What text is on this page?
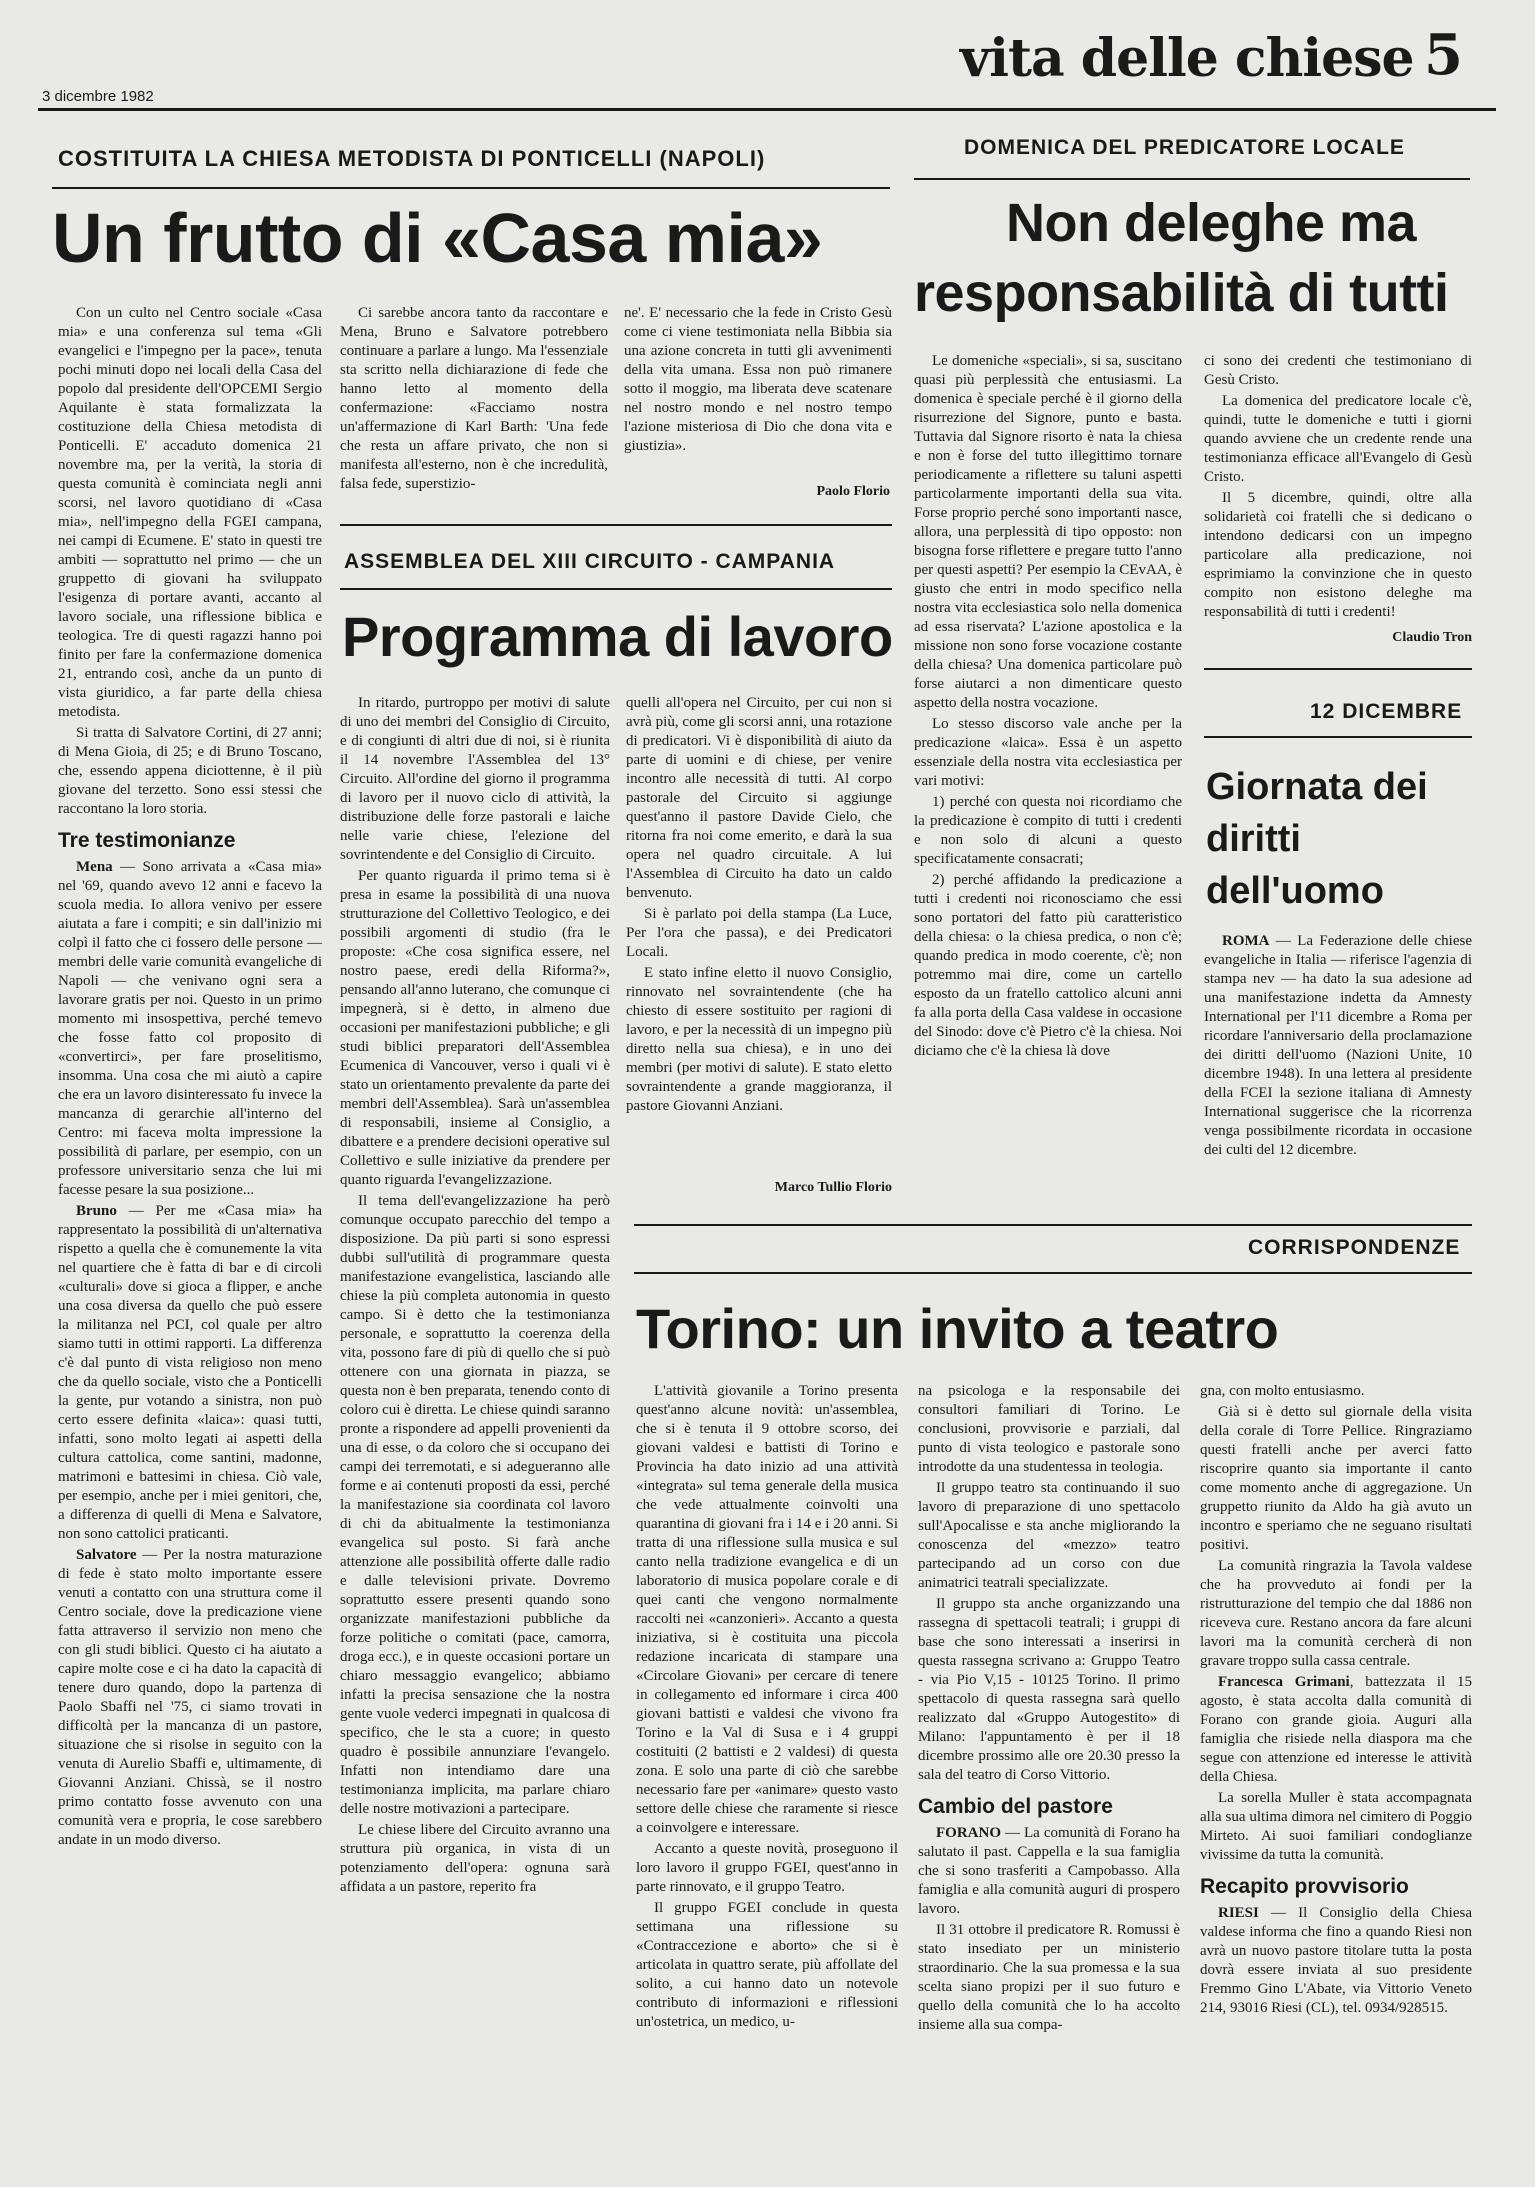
3 dicembre 1982
vita delle chiese 5
COSTITUITA LA CHIESA METODISTA DI PONTICELLI (NAPOLI)
Un frutto di «Casa mia»

Con un culto nel Centro sociale «Casa mia» e una conferenza sul tema «Gli evangelici e l'impegno per la pace», tenuta pochi minuti dopo nei locali della Casa del popolo dal presidente dell'OPCEMI Sergio Aquilante è stata formalizzata la costituzione della Chiesa metodista di Ponticelli. E' accaduto domenica 21 novembre ma, per la verità, la storia di questa comunità è cominciata negli anni scorsi, nel lavoro quotidiano di «Casa mia», nell'impegno della FGEI campana, nei campi di Ecumene. E' stato in questi tre ambiti — soprattutto nel primo — che un gruppetto di giovani ha sviluppato l'esigenza di portare avanti, accanto al lavoro sociale, una riflessione biblica e teologica. Tre di questi ragazzi hanno poi finito per fare la confermazione domenica 21, entrando così, anche da un punto di vista giuridico, a far parte della chiesa metodista.

Si tratta di Salvatore Cortini, di 27 anni; di Mena Gioia, di 25; e di Bruno Toscano, che, essendo appena diciottenne, è il più giovane del terzetto. Sono essi stessi che raccontano la loro storia.

Tre testimonianze

Mena — Sono arrivata a «Casa mia» nel '69, quando avevo 12 anni e facevo la scuola media. Io allora venivo per essere aiutata a fare i compiti; e sin dall'inizio mi colpì il fatto che ci fossero delle persone — membri delle varie comunità evangeliche di Napoli — che venivano ogni sera a lavorare gratis per noi. Questo in un primo momento mi insospettiva, perché temevo che fosse fatto col proposito di «convertirci», per fare proselitismo, insomma. Una cosa che mi aiutò a capire che era un lavoro disinteressato fu invece la mancanza di gerarchie all'interno del Centro: mi faceva molta impressione la possibilità di parlare, per esempio, con un professore universitario senza che lui mi facesse pesare la sua posizione...

Bruno — Per me «Casa mia» ha rappresentato la possibilità di un'alternativa rispetto a quella che è comunemente la vita nel quartiere che è fatta di bar e di circoli «culturali» dove si gioca a flipper, e anche una cosa diversa da quello che può essere la militanza nel PCI, col quale per altro siamo tutti in ottimi rapporti. La differenza c'è dal punto di vista religioso non meno che da quello sociale, visto che a Ponticelli la gente, pur votando a sinistra, non può certo essere definita «laica»: quasi tutti, infatti, sono molto legati ai aspetti della cultura cattolica, come santini, madonne, matrimoni e battesimi in chiesa. Ciò vale, per esempio, anche per i miei genitori, che, a differenza di quelli di Mena e Salvatore, non sono cattolici praticanti.

Salvatore — Per la nostra maturazione di fede è stato molto importante essere venuti a contatto con una struttura come il Centro sociale, dove la predicazione viene fatta attraverso il servizio non meno che con gli studi biblici. Questo ci ha aiutato a capire molte cose e ci ha dato la capacità di tenere duro quando, dopo la partenza di Paolo Sbaffi nel '75, ci siamo trovati in difficoltà per la mancanza di un pastore, situazione che si risolse in seguito con la venuta di Aurelio Sbaffi e, ultimamente, di Giovanni Anziani. Chissà, se il nostro primo contatto fosse avvenuto con una comunità vera e propria, le cose sarebbero andate in un modo diverso.

Ci sarebbe ancora tanto da raccontare e Mena, Bruno e Salvatore potrebbero continuare a parlare a lungo. Ma l'essenziale sta scritto nella dichiarazione di fede che hanno letto al momento della confermazione: «Facciamo nostra un'affermazione di Karl Barth: 'Una fede che resta un affare privato, che non si manifesta all'esterno, non è che incredulità, falsa fede, superstizio-

ne'. E' necessario che la fede in Cristo Gesù come ci viene testimoniata nella Bibbia sia una azione concreta in tutti gli avvenimenti della vita umana. Essa non può rimanere sotto il moggio, ma liberata deve scatenare nel nostro mondo e nel nostro tempo l'azione misteriosa di Dio che dona vita e giustizia».

Paolo Florio
ASSEMBLEA DEL XIII CIRCUITO - CAMPANIA
Programma di lavoro

In ritardo, purtroppo per motivi di salute di uno dei membri del Consiglio di Circuito, e di congiunti di altri due di noi, si è riunita il 14 novembre l'Assemblea del 13° Circuito. All'ordine del giorno il programma di lavoro per il nuovo ciclo di attività, la distribuzione delle forze pastorali e laiche nelle varie chiese, l'elezione del sovrintendente e del Consiglio di Circuito.

Per quanto riguarda il primo tema si è presa in esame la possibilità di una nuova strutturazione del Collettivo Teologico, e dei possibili argomenti di studio (fra le proposte: «Che cosa significa essere, nel nostro paese, eredi della Riforma?», pensando all'anno luterano, che comunque ci impegnerà, si è detto, in almeno due occasioni per manifestazioni pubbliche; e gli studi biblici preparatori dell'Assemblea Ecumenica di Vancouver, verso i quali vi è stato un orientamento prevalente da parte dei membri dell'Assemblea). Sarà un'assemblea di responsabili, insieme al Consiglio, a dibattere e a prendere decisioni operative sul Collettivo e sulle iniziative da prendere per quanto riguarda l'evangelizzazione.

Il tema dell'evangelizzazione ha però comunque occupato parecchio del tempo a disposizione. Da più parti si sono espressi dubbi sull'utilità di programmare questa manifestazione evangelistica, lasciando alle chiese la più completa autonomia in questo campo. Si è detto che la testimonianza personale, e soprattutto la coerenza della vita, possono fare di più di quello che si può ottenere con una giornata in piazza, se questa non è ben preparata, tenendo conto di coloro cui è diretta. Le chiese quindi saranno pronte a rispondere ad appelli provenienti da una di esse, o da coloro che si occupano dei campi dei terremotati, e si adegueranno alle forme e ai contenuti proposti da essi, perché la manifestazione sia coordinata col lavoro di chi da abitualmente la testimonianza evangelica sul posto. Si farà anche attenzione alle possibilità offerte dalle radio e dalle televisioni private. Dovremo soprattutto essere presenti quando sono organizzate manifestazioni pubbliche da forze politiche o comitati (pace, camorra, droga ecc.), e in queste occasioni portare un chiaro messaggio evangelico; abbiamo infatti la precisa sensazione che la nostra gente vuole vederci impegnati in qualcosa di specifico, che le sta a cuore; in questo quadro è possibile annunziare l'evangelo. Infatti non intendiamo dare una testimonianza implicita, ma parlare chiaro delle nostre motivazioni a partecipare.

Le chiese libere del Circuito avranno una struttura più organica, in vista di un potenziamento dell'opera: ognuna sarà affidata a un pastore, reperito fra

quelli all'opera nel Circuito, per cui non si avrà più, come gli scorsi anni, una rotazione di predicatori. Vi è disponibilità di aiuto da parte di uomini e di chiese, per venire incontro alle necessità di tutti. Al corpo pastorale del Circuito si aggiunge quest'anno il pastore Davide Cielo, che ritorna fra noi come emerito, e darà la sua opera nel quadro circuitale. A lui l'Assemblea di Circuito ha dato un caldo benvenuto.

Si è parlato poi della stampa (La Luce, Per l'ora che passa), e dei Predicatori Locali.

E stato infine eletto il nuovo Consiglio, rinnovato nel sovraintendente (che ha chiesto di essere sostituito per ragioni di lavoro, e per la necessità di un impegno più diretto nella sua chiesa), e in uno dei membri (per motivi di salute). E stato eletto sovraintendente a grande maggioranza, il pastore Giovanni Anziani.

Marco Tullio Florio
DOMENICA DEL PREDICATORE LOCALE
Non deleghe ma
responsabilità di tutti

Le domeniche «speciali», si sa, suscitano quasi più perplessità che entusiasmi. La domenica è speciale perché è il giorno della risurrezione del Signore, punto e basta. Tuttavia dal Signore risorto è nata la chiesa e non è forse del tutto illegittimo tornare periodicamente a riflettere su taluni aspetti particolarmente importanti della sua vita. Forse proprio perché sono importanti nasce, allora, una perplessità di tipo opposto: non bisogna forse riflettere e pregare tutto l'anno per questi aspetti? Per esempio la CEvAA, è giusto che entri in modo specifico nella nostra vita ecclesiastica solo nella domenica ad essa riservata? L'azione apostolica e la missione non sono forse vocazione costante della chiesa? Una domenica particolare può forse aiutarci a non dimenticare questo aspetto della nostra vocazione.

Lo stesso discorso vale anche per la predicazione «laica». Essa è un aspetto essenziale della nostra vita ecclesiastica per vari motivi:

1) perché con questa noi ricordiamo che la predicazione è compito di tutti i credenti e non solo di alcuni a questo specificatamente consacrati;

2) perché affidando la predicazione a tutti i credenti noi riconosciamo che essi sono portatori del fatto più caratteristico della chiesa: o la chiesa predica, o non c'è; quando predica in modo coerente, c'è; non potremmo mai dire, come un cartello esposto da un fratello cattolico alcuni anni fa alla porta della Casa valdese in occasione del Sinodo: dove c'è Pietro c'è la chiesa. Noi diciamo che c'è la chiesa là dove

ci sono dei credenti che testimoniano di Gesù Cristo.

La domenica del predicatore locale c'è, quindi, tutte le domeniche e tutti i giorni quando avviene che un credente rende una testimonianza efficace all'Evangelo di Gesù Cristo.

Il 5 dicembre, quindi, oltre alla solidarietà coi fratelli che si dedicano o intendono dedicarsi con un impegno particolare alla predicazione, noi esprimiamo la convinzione che in questo compito non esistono deleghe ma responsabilità di tutti i credenti!

Claudio Tron
12 DICEMBRE
Giornata dei
diritti
dell'uomo

ROMA — La Federazione delle chiese evangeliche in Italia — riferisce l'agenzia di stampa nev — ha dato la sua adesione ad una manifestazione indetta da Amnesty International per l'11 dicembre a Roma per ricordare l'anniversario della proclamazione dei diritti dell'uomo (Nazioni Unite, 10 dicembre 1948). In una lettera al presidente della FCEI la sezione italiana di Amnesty International suggerisce che la ricorrenza venga possibilmente ricordata in occasione dei culti del 12 dicembre.

CORRISPONDENZE
Torino: un invito a teatro

L'attività giovanile a Torino presenta quest'anno alcune novità: un'assemblea, che si è tenuta il 9 ottobre scorso, dei giovani valdesi e battisti di Torino e Provincia ha dato inizio ad una attività «integrata» sul tema generale della musica che vede attualmente coinvolti una quarantina di giovani fra i 14 e i 20 anni. Si tratta di una riflessione sulla musica e sul canto nella tradizione evangelica e di un laboratorio di musica popolare corale e di quei canti che vengono normalmente raccolti nei «canzonieri». Accanto a questa iniziativa, si è costituita una piccola redazione incaricata di stampare una «Circolare Giovani» per cercare di tenere in collegamento ed informare i circa 400 giovani battisti e valdesi che vivono fra Torino e la Val di Susa e i 4 gruppi costituiti (2 battisti e 2 valdesi) di questa zona. E solo una parte di ciò che sarebbe necessario fare per «animare» questo vasto settore delle chiese che raramente si riesce a coinvolgere e interessare.

Accanto a queste novità, proseguono il loro lavoro il gruppo FGEI, quest'anno in parte rinnovato, e il gruppo Teatro.

Il gruppo FGEI conclude in questa settimana una riflessione su «Contraccezione e aborto» che si è articolata in quattro serate, più affollate del solito, a cui hanno dato un notevole contributo di informazioni e riflessioni un'ostetrica, un medico, u-

na psicologa e la responsabile dei consultori familiari di Torino. Le conclusioni, provvisorie e parziali, dal punto di vista teologico e pastorale sono introdotte da una studentessa in teologia.

Il gruppo teatro sta continuando il suo lavoro di preparazione di uno spettacolo sull'Apocalisse e sta anche migliorando la conoscenza del «mezzo» teatro partecipando ad un corso con due animatrici teatrali specializzate.

Il gruppo sta anche organizzando una rassegna di spettacoli teatrali; i gruppi di base che sono interessati a inserirsi in questa rassegna scrivano a: Gruppo Teatro - via Pio V,15 - 10125 Torino. Il primo spettacolo di questa rassegna sarà quello realizzato dal «Gruppo Autogestito» di Milano: l'appuntamento è per il 18 dicembre prossimo alle ore 20.30 presso la sala del teatro di Corso Vittorio.

Cambio del pastore

FORANO — La comunità di Forano ha salutato il past. Cappella e la sua famiglia che si sono trasferiti a Campobasso. Alla famiglia e alla comunità auguri di prospero lavoro.

Il 31 ottobre il predicatore R. Romussi è stato insediato per un ministerio straordinario. Che la sua promessa e la sua scelta siano propizi per il suo futuro e quello della comunità che lo ha accolto insieme alla sua compa-

gna, con molto entusiasmo.

Già si è detto sul giornale della visita della corale di Torre Pellice. Ringraziamo questi fratelli anche per averci fatto riscoprire quanto sia importante il canto come momento anche di aggregazione. Un gruppetto riunito da Aldo ha già avuto un incontro e speriamo che ne seguano risultati positivi.

La comunità ringrazia la Tavola valdese che ha provveduto ai fondi per la ristrutturazione del tempio che dal 1886 non riceveva cure. Restano ancora da fare alcuni lavori ma la comunità cercherà di non gravare troppo sulla cassa centrale.

Francesca Grimani, battezzata il 15 agosto, è stata accolta dalla comunità di Forano con grande gioia. Auguri alla famiglia che risiede nella diaspora ma che segue con attenzione ed interesse le attività della Chiesa.

La sorella Muller è stata accompagnata alla sua ultima dimora nel cimitero di Poggio Mirteto. Ai suoi familiari condoglianze vivissime da tutta la comunità.

Recapito provvisorio

RIESI — Il Consiglio della Chiesa valdese informa che fino a quando Riesi non avrà un nuovo pastore titolare tutta la posta dovrà essere inviata al suo presidente Fremmo Gino L'Abate, via Vittorio Veneto 214, 93016 Riesi (CL), tel. 0934/928515.
